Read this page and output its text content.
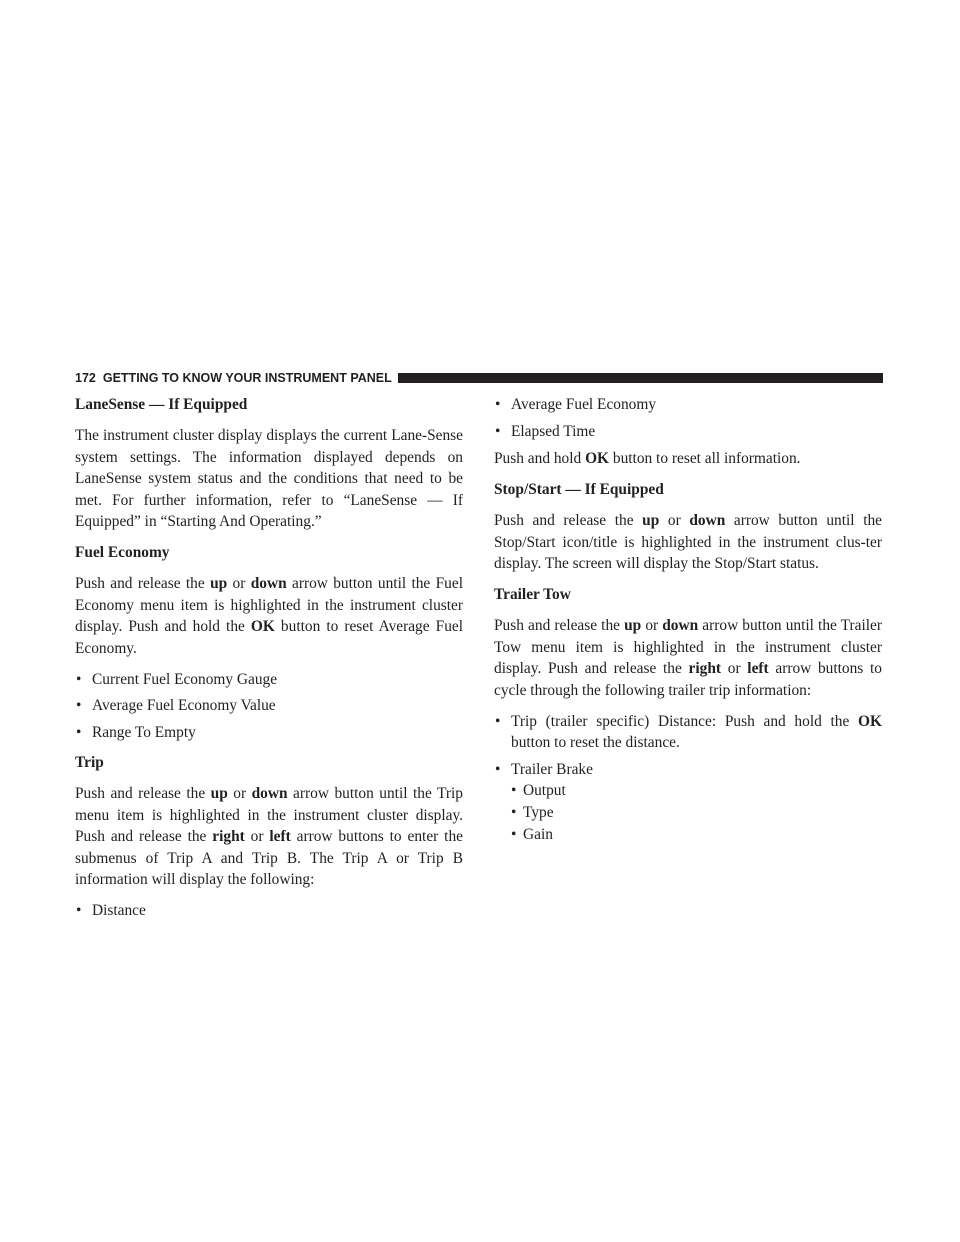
172 GETTING TO KNOW YOUR INSTRUMENT PANEL
LaneSense — If Equipped

The instrument cluster display displays the current Lane-Sense system settings. The information displayed depends on LaneSense system status and the conditions that need to be met. For further information, refer to “LaneSense — If Equipped” in “Starting And Operating.”

Fuel Economy

Push and release the up or down arrow button until the Fuel Economy menu item is highlighted in the instrument cluster display. Push and hold the OK button to reset Average Fuel Economy.

• Current Fuel Economy Gauge
• Average Fuel Economy Value
• Range To Empty
Trip

Push and release the up or down arrow button until the Trip menu item is highlighted in the instrument cluster display. Push and release the right or left arrow buttons to enter the submenus of Trip A and Trip B. The Trip A or Trip B information will display the following:

• Distance
• Average Fuel Economy
• Elapsed Time

Push and hold OK button to reset all information.

Stop/Start — If Equipped

Push and release the up or down arrow button until the Stop/Start icon/title is highlighted in the instrument clus-ter display. The screen will display the Stop/Start status.

Trailer Tow

Push and release the up or down arrow button until the Trailer Tow menu item is highlighted in the instrument cluster display. Push and release the right or left arrow buttons to cycle through the following trailer trip information:

• Trip (trailer specific) Distance: Push and hold the OK button to reset the distance.
• Trailer Brake
• Output
• Type
• Gain
